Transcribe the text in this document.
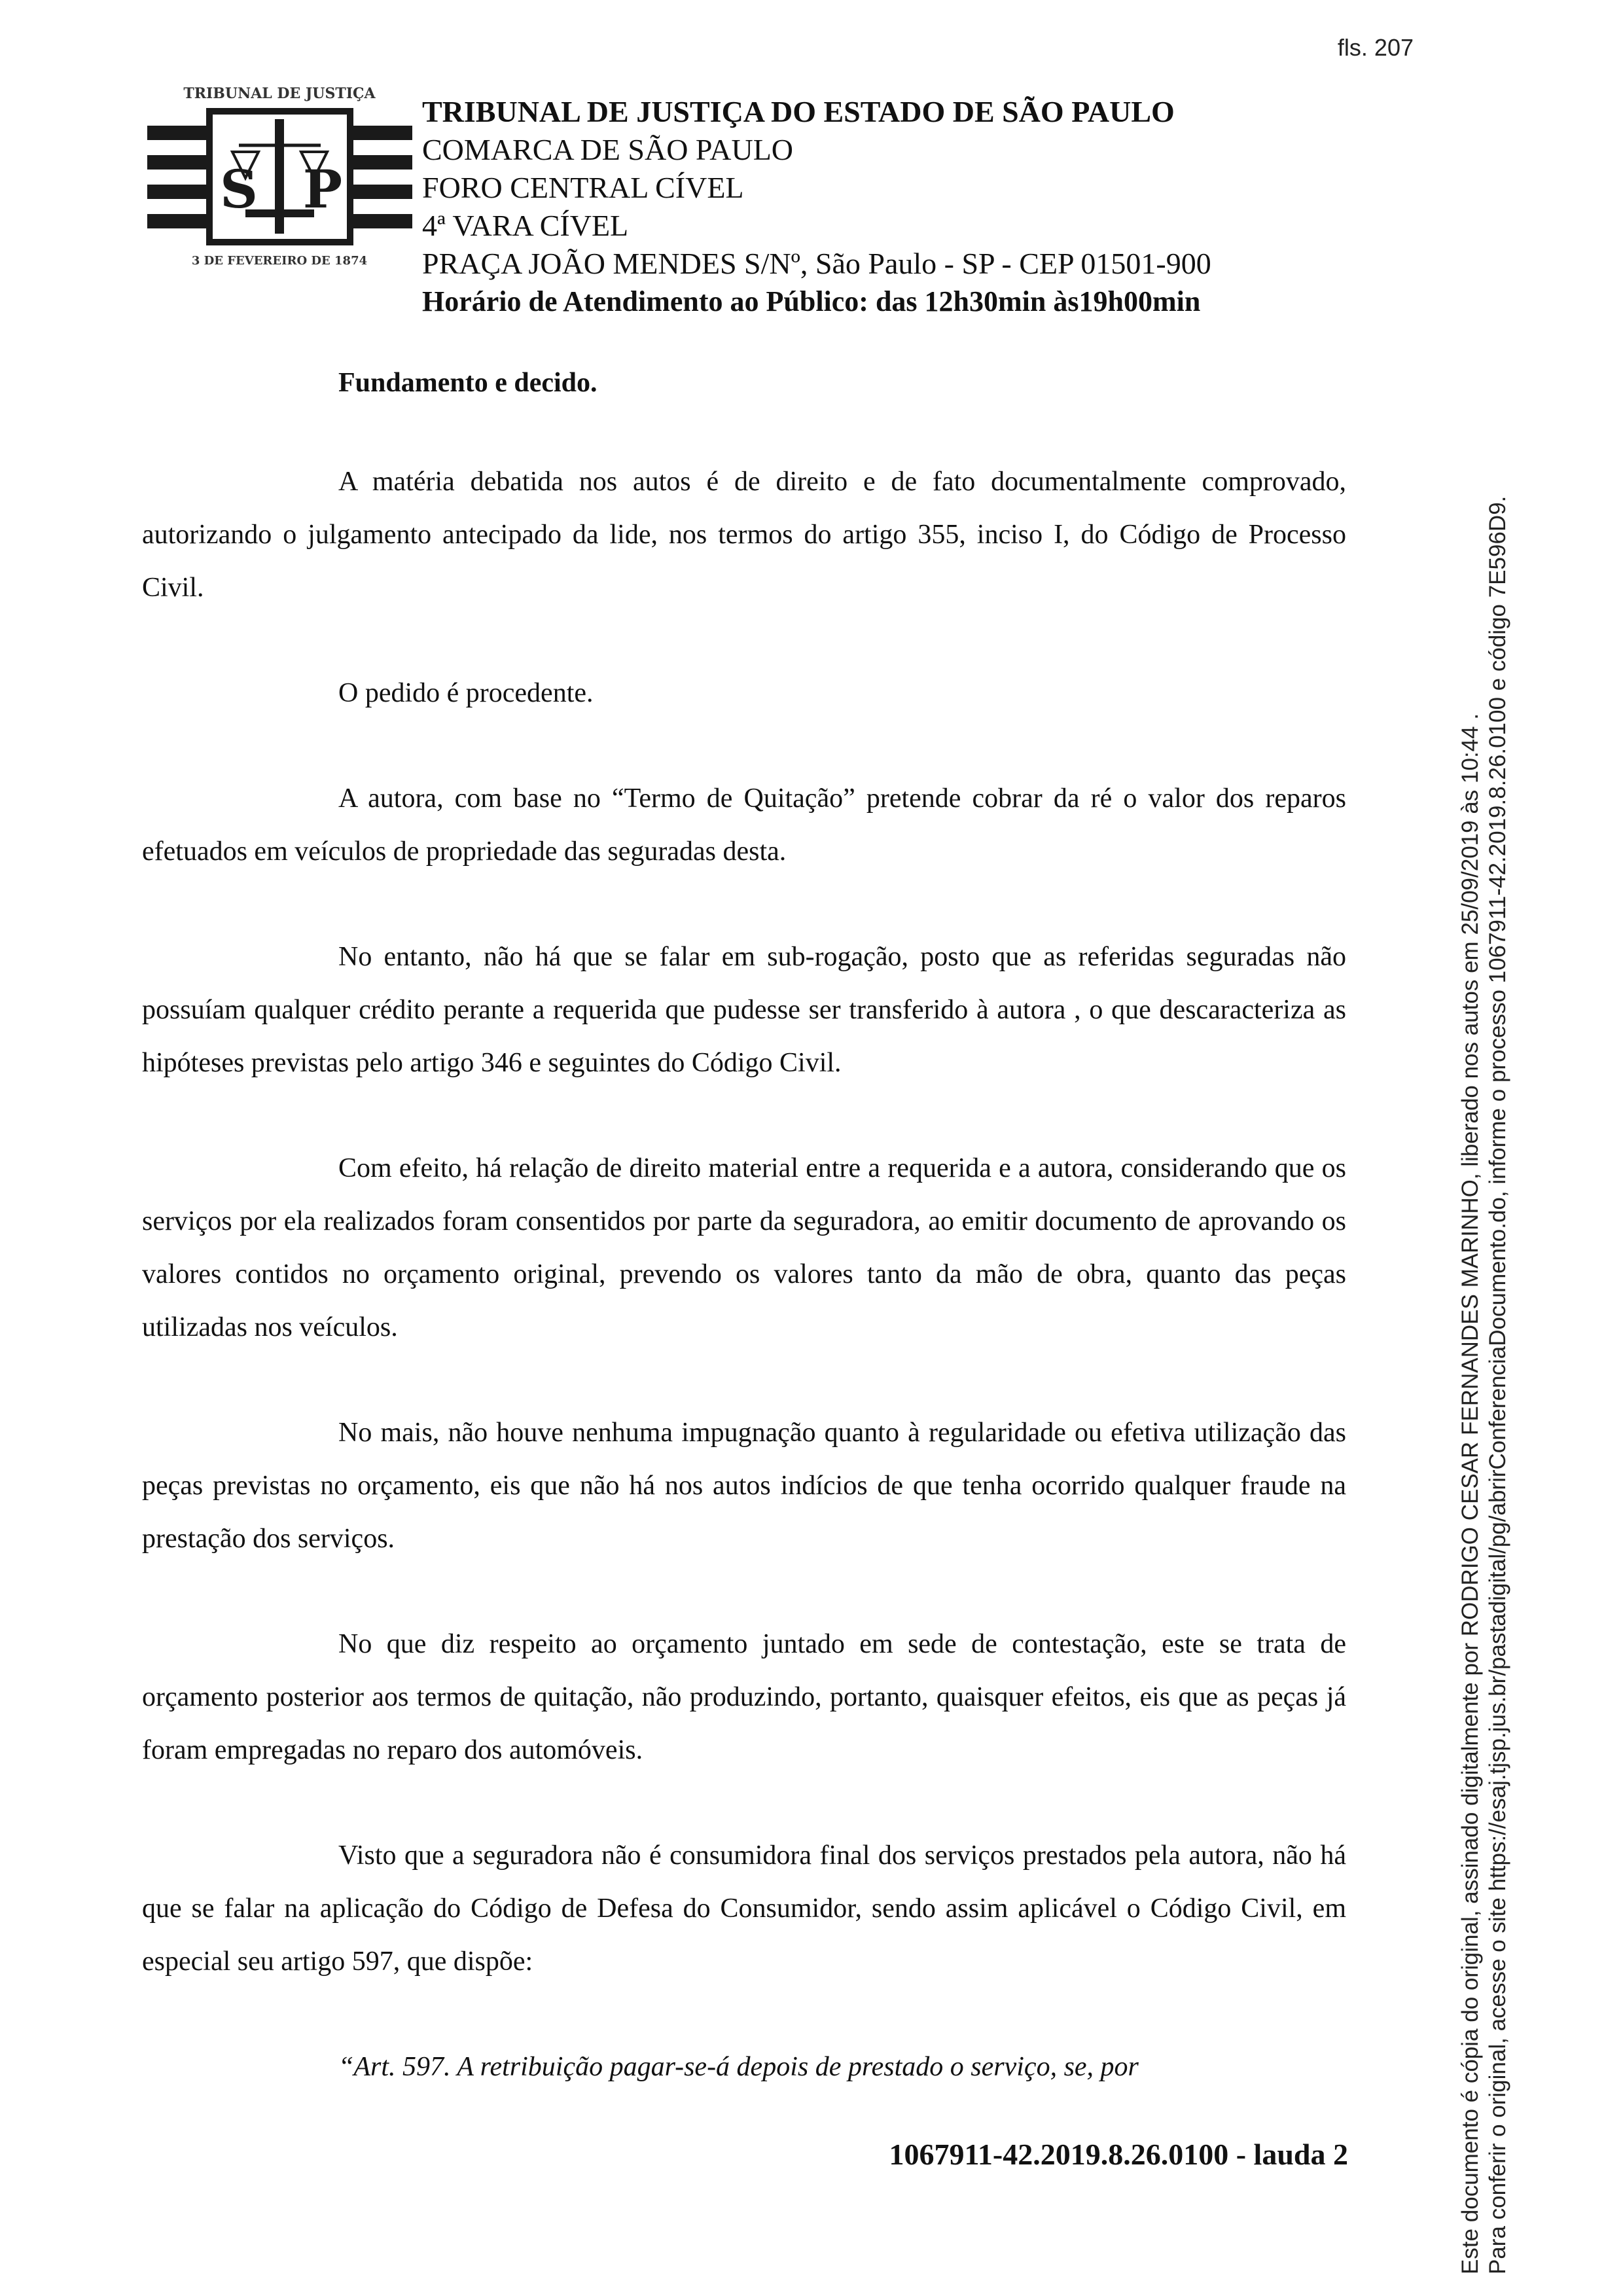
fls. 207
TRIBUNAL DE JUSTIÇA
S P
3 DE FEVEREIRO DE 1874
TRIBUNAL DE JUSTIÇA DO ESTADO DE SÃO PAULO
COMARCA DE SÃO PAULO
FORO CENTRAL CÍVEL
4ª VARA CÍVEL
PRAÇA JOÃO MENDES S/Nº, São Paulo - SP - CEP 01501-900
Horário de Atendimento ao Público: das 12h30min às19h00min

Fundamento e decido.

A matéria debatida nos autos é de direito e de fato documentalmente comprovado, autorizando o julgamento antecipado da lide, nos termos do artigo 355, inciso I, do Código de Processo Civil.

O pedido é procedente.

A autora, com base no “Termo de Quitação” pretende cobrar da ré o valor dos reparos efetuados em veículos de propriedade das seguradas desta.

No entanto, não há que se falar em sub-rogação, posto que as referidas seguradas não possuíam qualquer crédito perante a requerida que pudesse ser transferido à autora , o que descaracteriza as hipóteses previstas pelo artigo 346 e seguintes do Código Civil.

Com efeito, há relação de direito material entre a requerida e a autora, considerando que os serviços por ela realizados foram consentidos por parte da seguradora, ao emitir documento de aprovando os valores contidos no orçamento original, prevendo os valores tanto da mão de obra, quanto das peças utilizadas nos veículos.

No mais, não houve nenhuma impugnação quanto à regularidade ou efetiva utilização das peças previstas no orçamento, eis que não há nos autos indícios de que tenha ocorrido qualquer fraude na prestação dos serviços.

No que diz respeito ao orçamento juntado em sede de contestação, este se trata de orçamento posterior aos termos de quitação, não produzindo, portanto, quaisquer efeitos, eis que as peças já foram empregadas no reparo dos automóveis.

Visto que a seguradora não é consumidora final dos serviços prestados pela autora, não há que se falar na aplicação do Código de Defesa do Consumidor, sendo assim aplicável o Código Civil, em especial seu artigo 597, que dispõe:

“Art. 597. A retribuição pagar-se-á depois de prestado o serviço, se, por

1067911-42.2019.8.26.0100 - lauda 2	Este documento é cópia do original, assinado digitalmente por RODRIGO CESAR FERNANDES MARINHO, liberado nos autos em 25/09/2019 às 10:44 . Para conferir o original, acesse o site https://esaj.tjsp.jus.br/pastadigital/pg/abrirConferenciaDocumento.do, informe o processo 1067911-42.2019.8.26.0100 e código 7E596D9.
